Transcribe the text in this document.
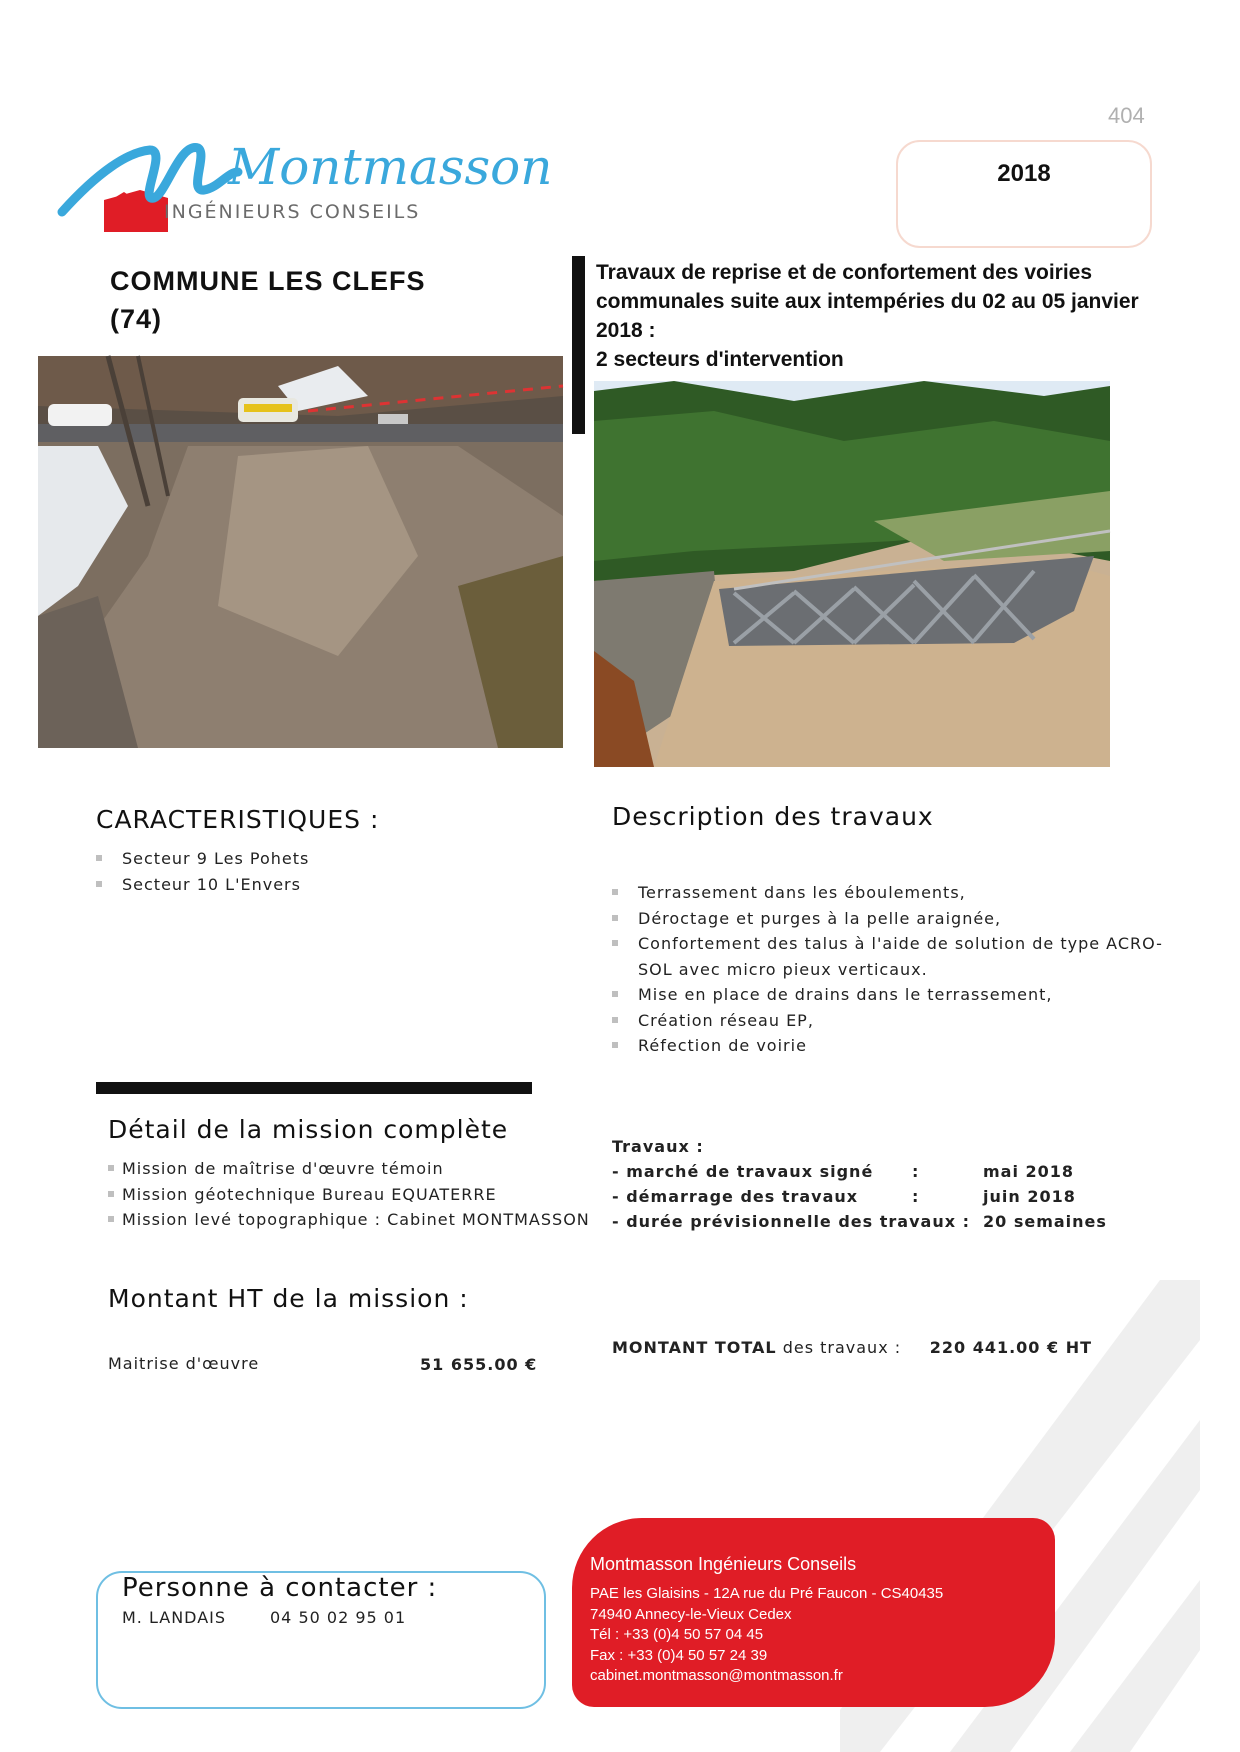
404
2018
Montmasson
INGÉNIEURS CONSEILS
COMMUNE LES CLEFS
(74)
Travaux de reprise et de confortement des voiries communales suite aux intempéries du 02 au 05 janvier 2018 :
2 secteurs d'intervention
CARACTERISTIQUES :
Secteur 9 Les Pohets
Secteur 10 L'Envers
Description des travaux
Terrassement dans les éboulements,
Déroctage et purges à la pelle araignée,
Confortement des talus à l'aide de solution de type ACRO-SOL avec micro pieux verticaux.
Mise en place de drains dans le terrassement,
Création réseau EP,
Réfection de voirie
Détail de la mission complète
Mission de maîtrise d'œuvre témoin
Mission géotechnique Bureau EQUATERRE
Mission levé topographique : Cabinet MONTMASSON
Travaux :
- marché de travaux signé :	mai 2018
- démarrage des travaux	:	juin 2018
- durée prévisionnelle des travaux : 20 semaines
Montant HT de la mission :
Maitrise d'œuvre	51 655.00 €
MONTANT TOTAL des travaux : 220 441.00 € HT
Montmasson Ingénieurs Conseils
PAE les Glaisins - 12A rue du Pré Faucon - CS40435
74940 Annecy-le-Vieux Cedex
Tél : +33 (0)4 50 57 04 45
Fax : +33 (0)4 50 57 24 39
cabinet.montmasson@montmasson.fr
Personne à contacter :
M. LANDAIS	04 50 02 95 01
